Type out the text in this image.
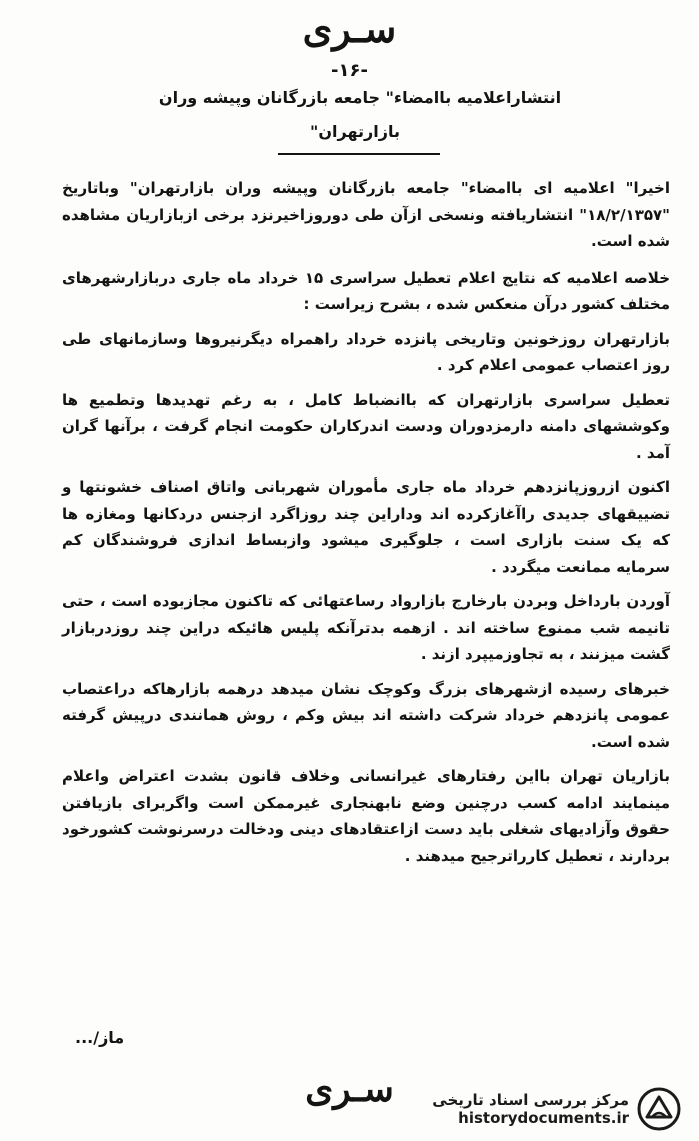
سـری
-۱۶-
انتشاراعلامیه باامضاء" جامعه بازرگانان وپیشه وران
بازارتهران"

اخیرا" اعلامیه ای باامضاء" جامعه بازرگانان وپیشه وران بازارتهران" وباتاریخ "۱۸/۲/۱۳۵۷" انتشاریافته ونسخی ازآن طی دوروزاخیرنزد برخی ازبازاریان مشاهده شده است.

خلاصه اعلامیه که نتایج اعلام تعطیل سراسری ۱۵ خرداد ماه جاری دربازارشهرهای مختلف کشور درآن منعکس شده ، بشرح زیراست :

بازارتهران روزخونین وتاریخی پانزده خرداد راهمراه دیگرنیروها وسازمانهای طی روز اعتصاب عمومی اعلام کرد .

تعطیل سراسری بازارتهران که باانضباط کامل ، به رغم تهدیدها وتطمیع ها وکوششهای دامنه دارمزدوران ودست اندرکاران حکومت انجام گرفت ، برآنها گران آمد .

اکنون ازروزپانزدهم خرداد ماه جاری مأموران شهربانی واتاق اصناف خشونتها و تضییقهای جدیدی راآغازکرده اند وداراین چند روزاگرد ازجنس دردکانها ومغازه ها که یک سنت بازاری است ، جلوگیری میشود وازبساط اندازی فروشندگان کم سرمایه ممانعت میگردد .

آوردن بارداخل وبردن بارخارج بازارواد رساعتهائی که تاکنون مجازبوده است ، حتی تانیمه شب ممنوع ساخته اند . ازهمه بدترآنکه پلیس هائیکه دراین چند روزدربازار گشت میزنند ، به تجاوزمیپرد ازند .

خبرهای رسیده ازشهرهای بزرگ وکوچک نشان میدهد درهمه بازارهاکه دراعتصاب عمومی پانزدهم خرداد شرکت داشته اند بیش وکم ، روش همانندی درپیش گرفته شده است.

بازاریان تهران بااین رفتارهای غیرانسانی وخلاف قانون بشدت اعتراض واعلام مینمایند ادامه کسب درچنین وضع نابهنجاری غیرممکن است واگربرای بازیافتن حقوق وآزادیهای شغلی باید دست ازاعتقادهای دینی ودخالت درسرنوشت کشورخود بردارند ، تعطیل کارراترجیح میدهند .

ماز/...
سـری	مرکز بررسی اسناد تاریخی
historydocuments.ir
